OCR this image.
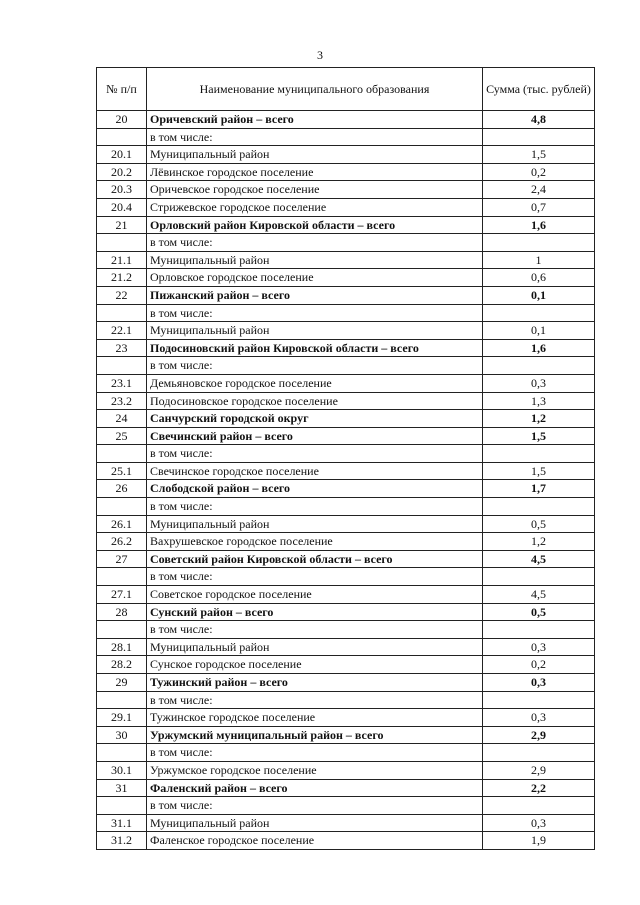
3
№ п/п	Наименование муниципального образования	Сумма (тыс. рублей)
20	Оричевский район – всего	4,8
	в том числе:	
20.1	Муниципальный район	1,5
20.2	Лёвинское городское поселение	0,2
20.3	Оричевское городское поселение	2,4
20.4	Стрижевское городское поселение	0,7
21	Орловский район Кировской области – всего	1,6
	в том числе:	
21.1	Муниципальный район	1
21.2	Орловское городское поселение	0,6
22	Пижанский район – всего	0,1
	в том числе:	
22.1	Муниципальный район	0,1
23	Подосиновский район Кировской области – всего	1,6
	в том числе:	
23.1	Демьяновское городское поселение	0,3
23.2	Подосиновское городское поселение	1,3
24	Санчурский городской округ	1,2
25	Свечинский район – всего	1,5
	в том числе:	
25.1	Свечинское городское поселение	1,5
26	Слободской район – всего	1,7
	в том числе:	
26.1	Муниципальный район	0,5
26.2	Вахрушевское городское поселение	1,2
27	Советский район Кировской области – всего	4,5
	в том числе:	
27.1	Советское городское поселение	4,5
28	Сунский район – всего	0,5
	в том числе:	
28.1	Муниципальный район	0,3
28.2	Сунское городское поселение	0,2
29	Тужинский район – всего	0,3
	в том числе:	
29.1	Тужинское городское поселение	0,3
30	Уржумский муниципальный район – всего	2,9
	в том числе:	
30.1	Уржумское городское поселение	2,9
31	Фаленский район – всего	2,2
	в том числе:	
31.1	Муниципальный район	0,3
31.2	Фаленское городское поселение	1,9
